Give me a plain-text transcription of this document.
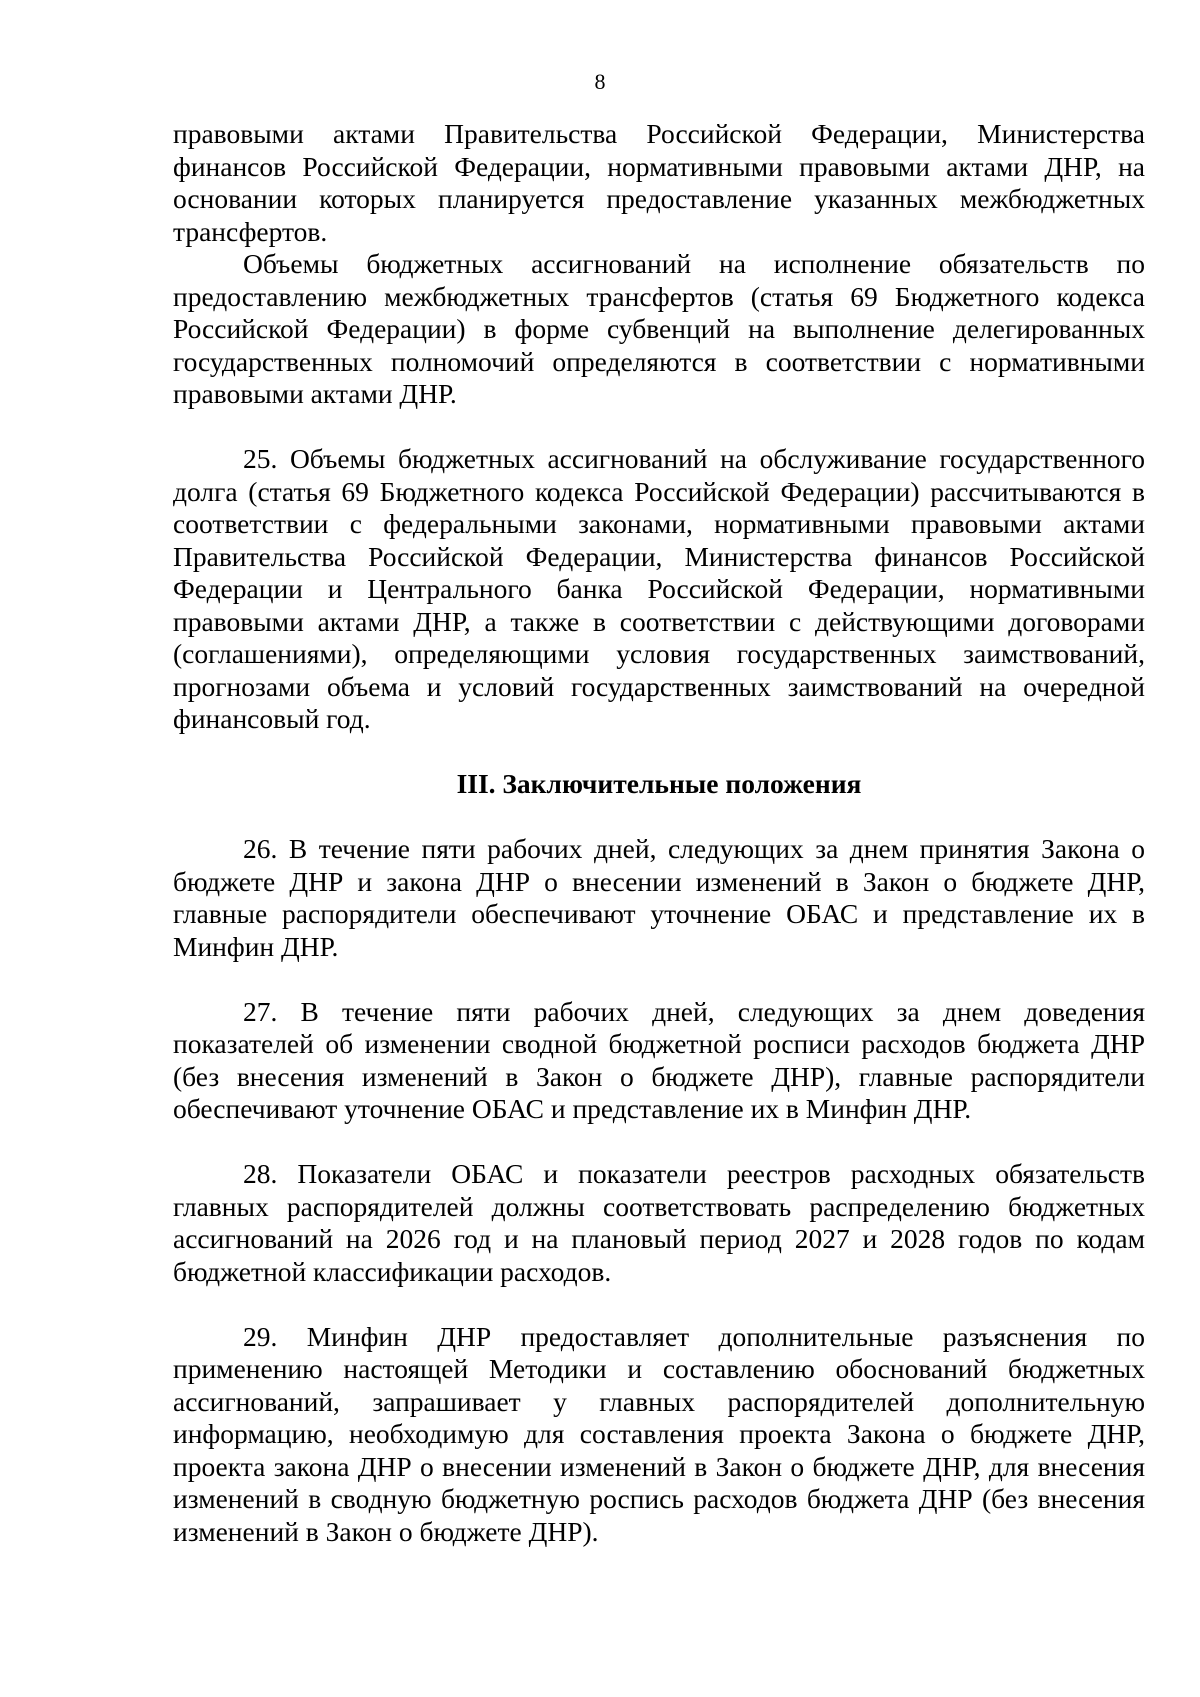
8

правовыми актами Правительства Российской Федерации, Министерства финансов Российской Федерации, нормативными правовыми актами ДНР, на основании которых планируется предоставление указанных межбюджетных трансфертов.

Объемы бюджетных ассигнований на исполнение обязательств по предоставлению межбюджетных трансфертов (статья 69 Бюджетного кодекса Российской Федерации) в форме субвенций на выполнение делегированных государственных полномочий определяются в соответствии с нормативными правовыми актами ДНР.

25. Объемы бюджетных ассигнований на обслуживание государственного долга (статья 69 Бюджетного кодекса Российской Федерации) рассчитываются в соответствии с федеральными законами, нормативными правовыми актами Правительства Российской Федерации, Министерства финансов Российской Федерации и Центрального банка Российской Федерации, нормативными правовыми актами ДНР, а также в соответствии с действующими договорами (соглашениями), определяющими условия государственных заимствований, прогнозами объема и условий государственных заимствований на очередной финансовый год.

III. Заключительные положения

26. В течение пяти рабочих дней, следующих за днем принятия Закона о бюджете ДНР и закона ДНР о внесении изменений в Закон о бюджете ДНР, главные распорядители обеспечивают уточнение ОБАС и представление их в Минфин ДНР.

27. В течение пяти рабочих дней, следующих за днем доведения показателей об изменении сводной бюджетной росписи расходов бюджета ДНР (без внесения изменений в Закон о бюджете ДНР), главные распорядители обеспечивают уточнение ОБАС и представление их в Минфин ДНР.

28. Показатели ОБАС и показатели реестров расходных обязательств главных распорядителей должны соответствовать распределению бюджетных ассигнований на 2026 год и на плановый период 2027 и 2028 годов по кодам бюджетной классификации расходов.

29. Минфин ДНР предоставляет дополнительные разъяснения по применению настоящей Методики и составлению обоснований бюджетных ассигнований, запрашивает у главных распорядителей дополнительную информацию, необходимую для составления проекта Закона о бюджете ДНР, проекта закона ДНР о внесении изменений в Закон о бюджете ДНР, для внесения изменений в сводную бюджетную роспись расходов бюджета ДНР (без внесения изменений в Закон о бюджете ДНР).
